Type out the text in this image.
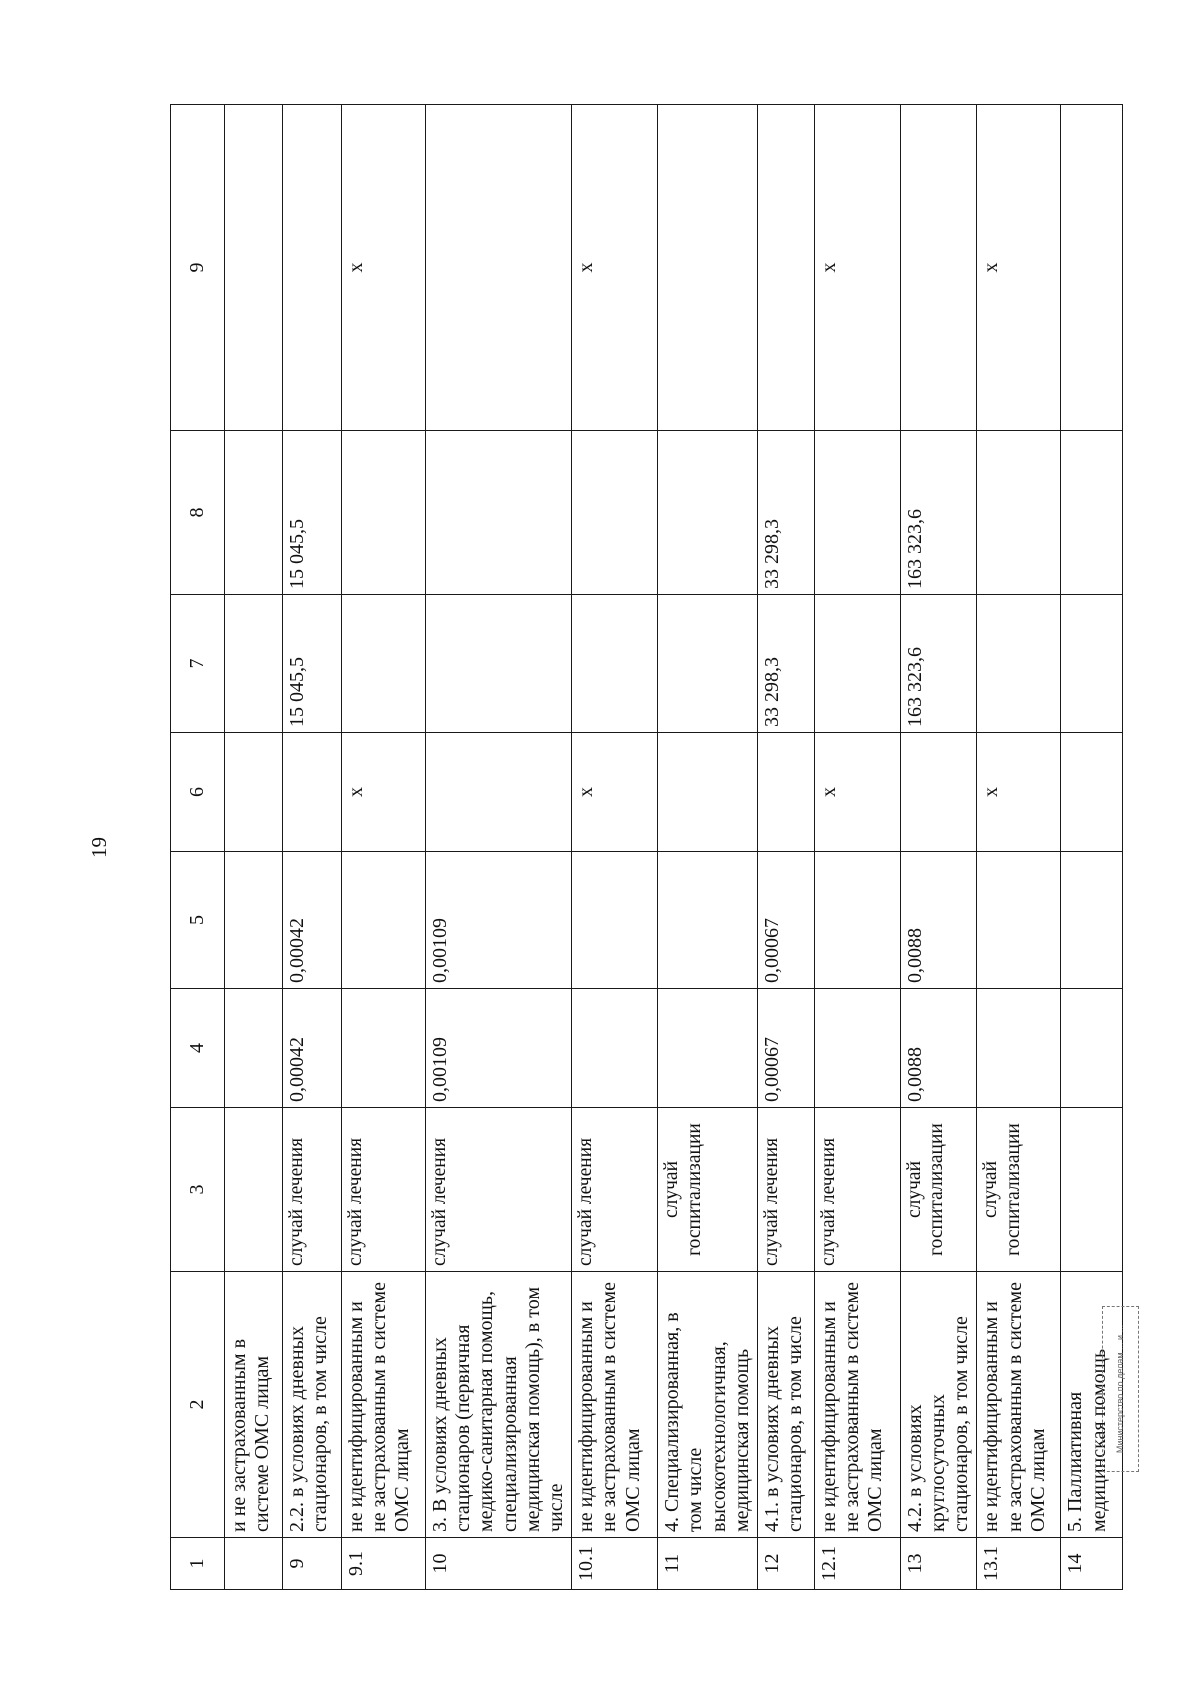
19
1	2	3	4	5	6	7	8	9
	и не застрахованным в системе ОМС лицам							
9	2.2. в условиях дневных стационаров, в том числе	случай лечения	0,00042	0,00042		15 045,5	15 045,5	
9.1	не идентифицированным и не застрахованным в системе ОМС лицам	случай лечения			х			х
10	3. В условиях дневных стационаров (первичная медико-санитарная помощь, специализированная медицинская помощь), в том числе	случай лечения	0,00109	0,00109				
10.1	не идентифицированным и не застрахованным в системе ОМС лицам	случай лечения			х			х
11	4. Специализированная, в том числе высокотехнологичная, медицинская помощь	случай госпитализации						
12	4.1. в условиях дневных стационаров, в том числе	случай лечения	0,00067	0,00067		33 298,3	33 298,3	
12.1	не идентифицированным и не застрахованным в системе ОМС лицам	случай лечения			х			х
13	4.2. в условиях круглосуточных стационаров, в том числе	случай госпитализации	0,0088	0,0088		163 323,6	163 323,6	
13.1	не идентифицированным и не застрахованным в системе ОМС лицам	случай госпитализации			х			х
14	5. Паллиативная медицинская помощь							Министерство по делам ... и ...
